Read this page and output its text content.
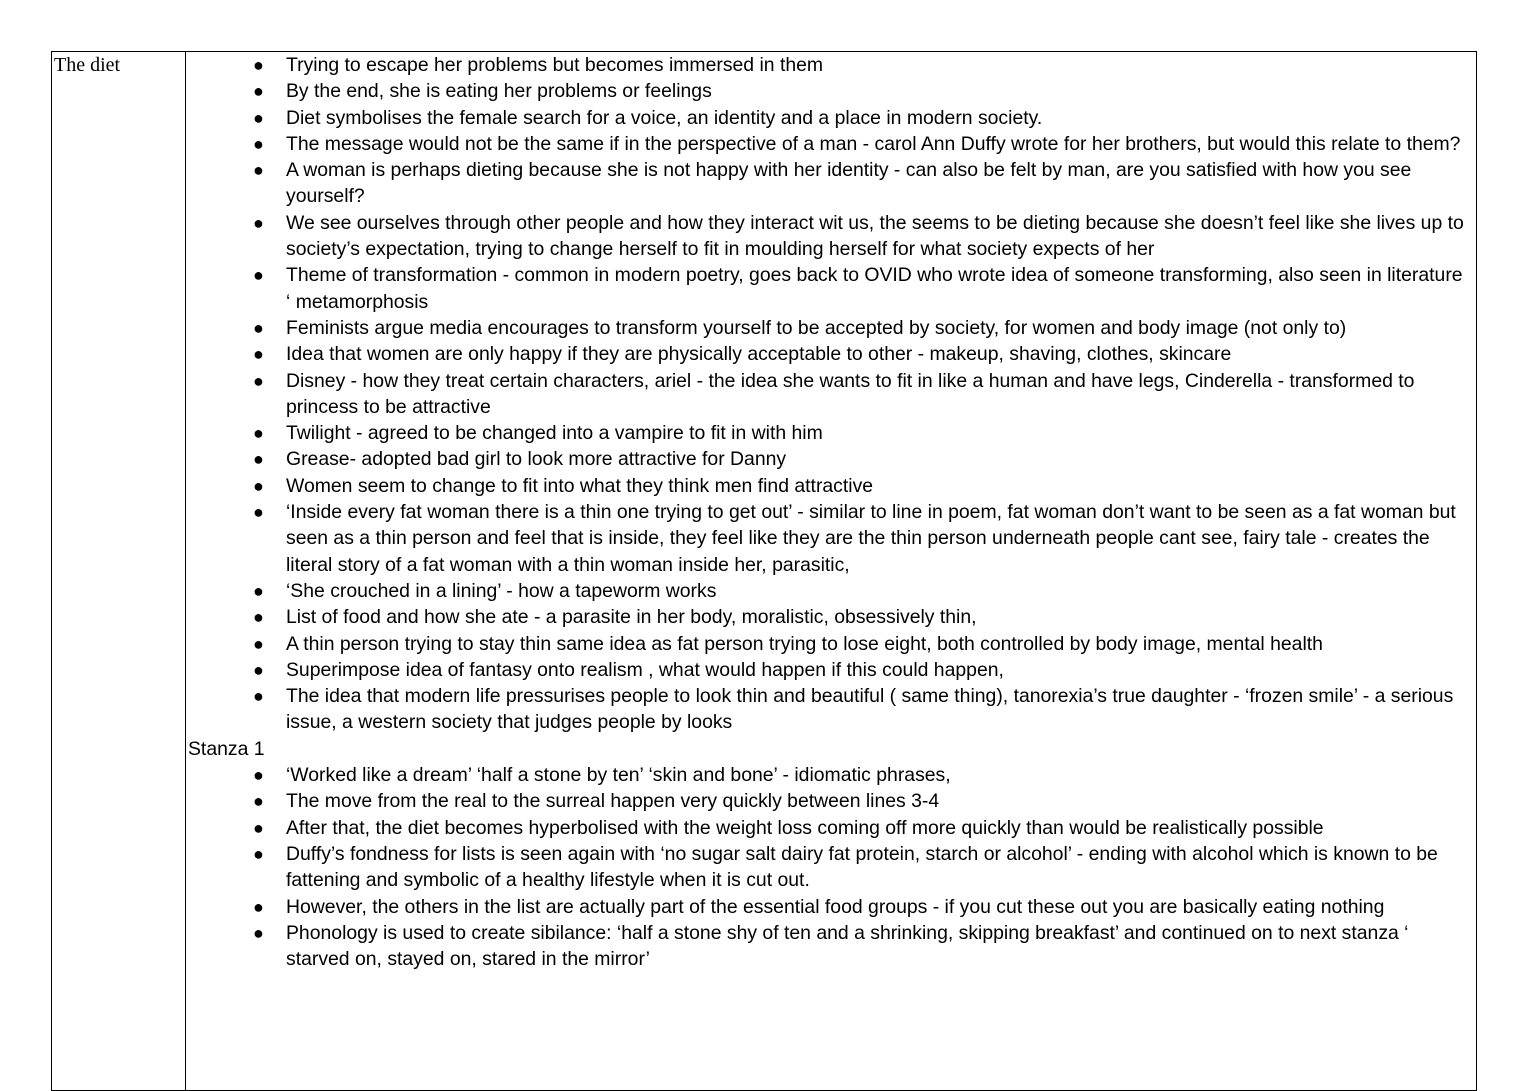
The diet	● Trying to escape her problems but becomes immersed in them
● By the end, she is eating her problems or feelings
● Diet symbolises the female search for a voice, an identity and a place in modern society.
● The message would not be the same if in the perspective of a man - carol Ann Duffy wrote for her brothers, but would this relate to them?
● A woman is perhaps dieting because she is not happy with her identity - can also be felt by man, are you satisfied with how you see yourself?
● We see ourselves through other people and how they interact wit us, the seems to be dieting because she doesn’t feel like she lives up to society’s expectation, trying to change herself to fit in moulding herself for what society expects of her
● Theme of transformation - common in modern poetry, goes back to OVID who wrote idea of someone transforming, also seen in literature ‘ metamorphosis
● Feminists argue media encourages to transform yourself to be accepted by society, for women and body image (not only to)
● Idea that women are only happy if they are physically acceptable to other - makeup, shaving, clothes, skincare
● Disney - how they treat certain characters, ariel - the idea she wants to fit in like a human and have legs, Cinderella - transformed to princess to be attractive
● Twilight - agreed to be changed into a vampire to fit in with him
● Grease- adopted bad girl to look more attractive for Danny
● Women seem to change to fit into what they think men find attractive
● ‘Inside every fat woman there is a thin one trying to get out’ - similar to line in poem, fat woman don’t want to be seen as a fat woman but seen as a thin person and feel that is inside, they feel like they are the thin person underneath people cant see, fairy tale - creates the literal story of a fat woman with a thin woman inside her, parasitic,
● ‘She crouched in a lining’ - how a tapeworm works
● List of food and how she ate - a parasite in her body, moralistic, obsessively thin,
● A thin person trying to stay thin same idea as fat person trying to lose eight, both controlled by body image, mental health
● Superimpose idea of fantasy onto realism , what would happen if this could happen,
● The idea that modern life pressurises people to look thin and beautiful ( same thing), tanorexia’s true daughter - ‘frozen smile’ - a serious issue, a western society that judges people by looks
Stanza 1
● ‘Worked like a dream’ ‘half a stone by ten’ ‘skin and bone’ - idiomatic phrases,
● The move from the real to the surreal happen very quickly between lines 3-4
● After that, the diet becomes hyperbolised with the weight loss coming off more quickly than would be realistically possible
● Duffy’s fondness for lists is seen again with ‘no sugar salt dairy fat protein, starch or alcohol’ - ending with alcohol which is known to be fattening and symbolic of a healthy lifestyle when it is cut out.
● However, the others in the list are actually part of the essential food groups - if you cut these out you are basically eating nothing
● Phonology is used to create sibilance: ‘half a stone shy of ten and a shrinking, skipping breakfast’ and continued on to next stanza ‘ starved on, stayed on, stared in the mirror’
